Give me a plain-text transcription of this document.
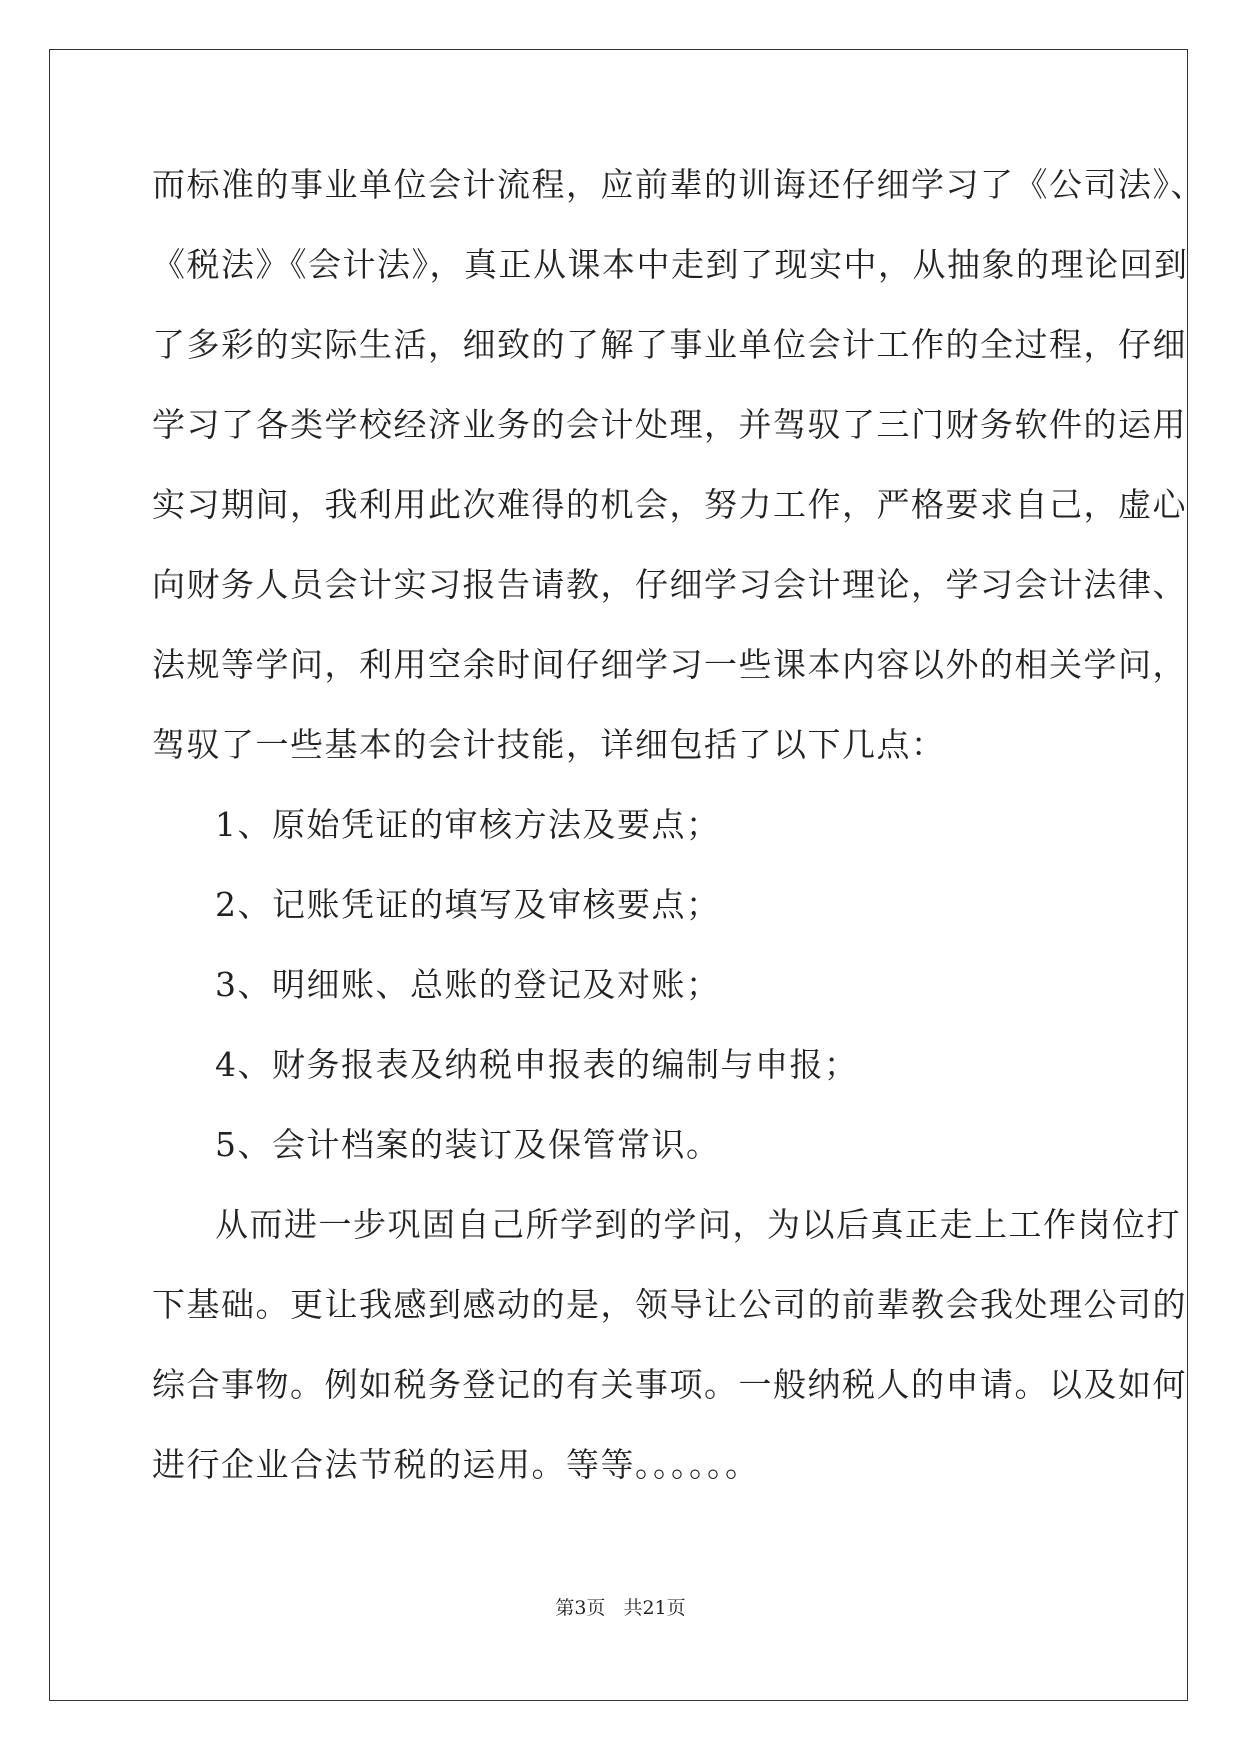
而标准的事业单位会计流程，应前辈的训诲还仔细学习了《公司法》、
《税法》《会计法》，真正从课本中走到了现实中，从抽象的理论回到
了多彩的实际生活，细致的了解了事业单位会计工作的全过程，仔细
学习了各类学校经济业务的会计处理，并驾驭了三门财务软件的运用
实习期间，我利用此次难得的机会，努力工作，严格要求自己，虚心
向财务人员会计实习报告请教，仔细学习会计理论，学习会计法律、
法规等学问，利用空余时间仔细学习一些课本内容以外的相关学问，
驾驭了一些基本的会计技能，详细包括了以下几点：
1、原始凭证的审核方法及要点；
2、记账凭证的填写及审核要点；
3、明细账、总账的登记及对账；
4、财务报表及纳税申报表的编制与申报；
5、会计档案的装订及保管常识。
从而进一步巩固自己所学到的学问，为以后真正走上工作岗位打
下基础。更让我感到感动的是，领导让公司的前辈教会我处理公司的
综合事物。例如税务登记的有关事项。一般纳税人的申请。以及如何
进行企业合法节税的运用。等等。。。。。。
第3页 共21页
